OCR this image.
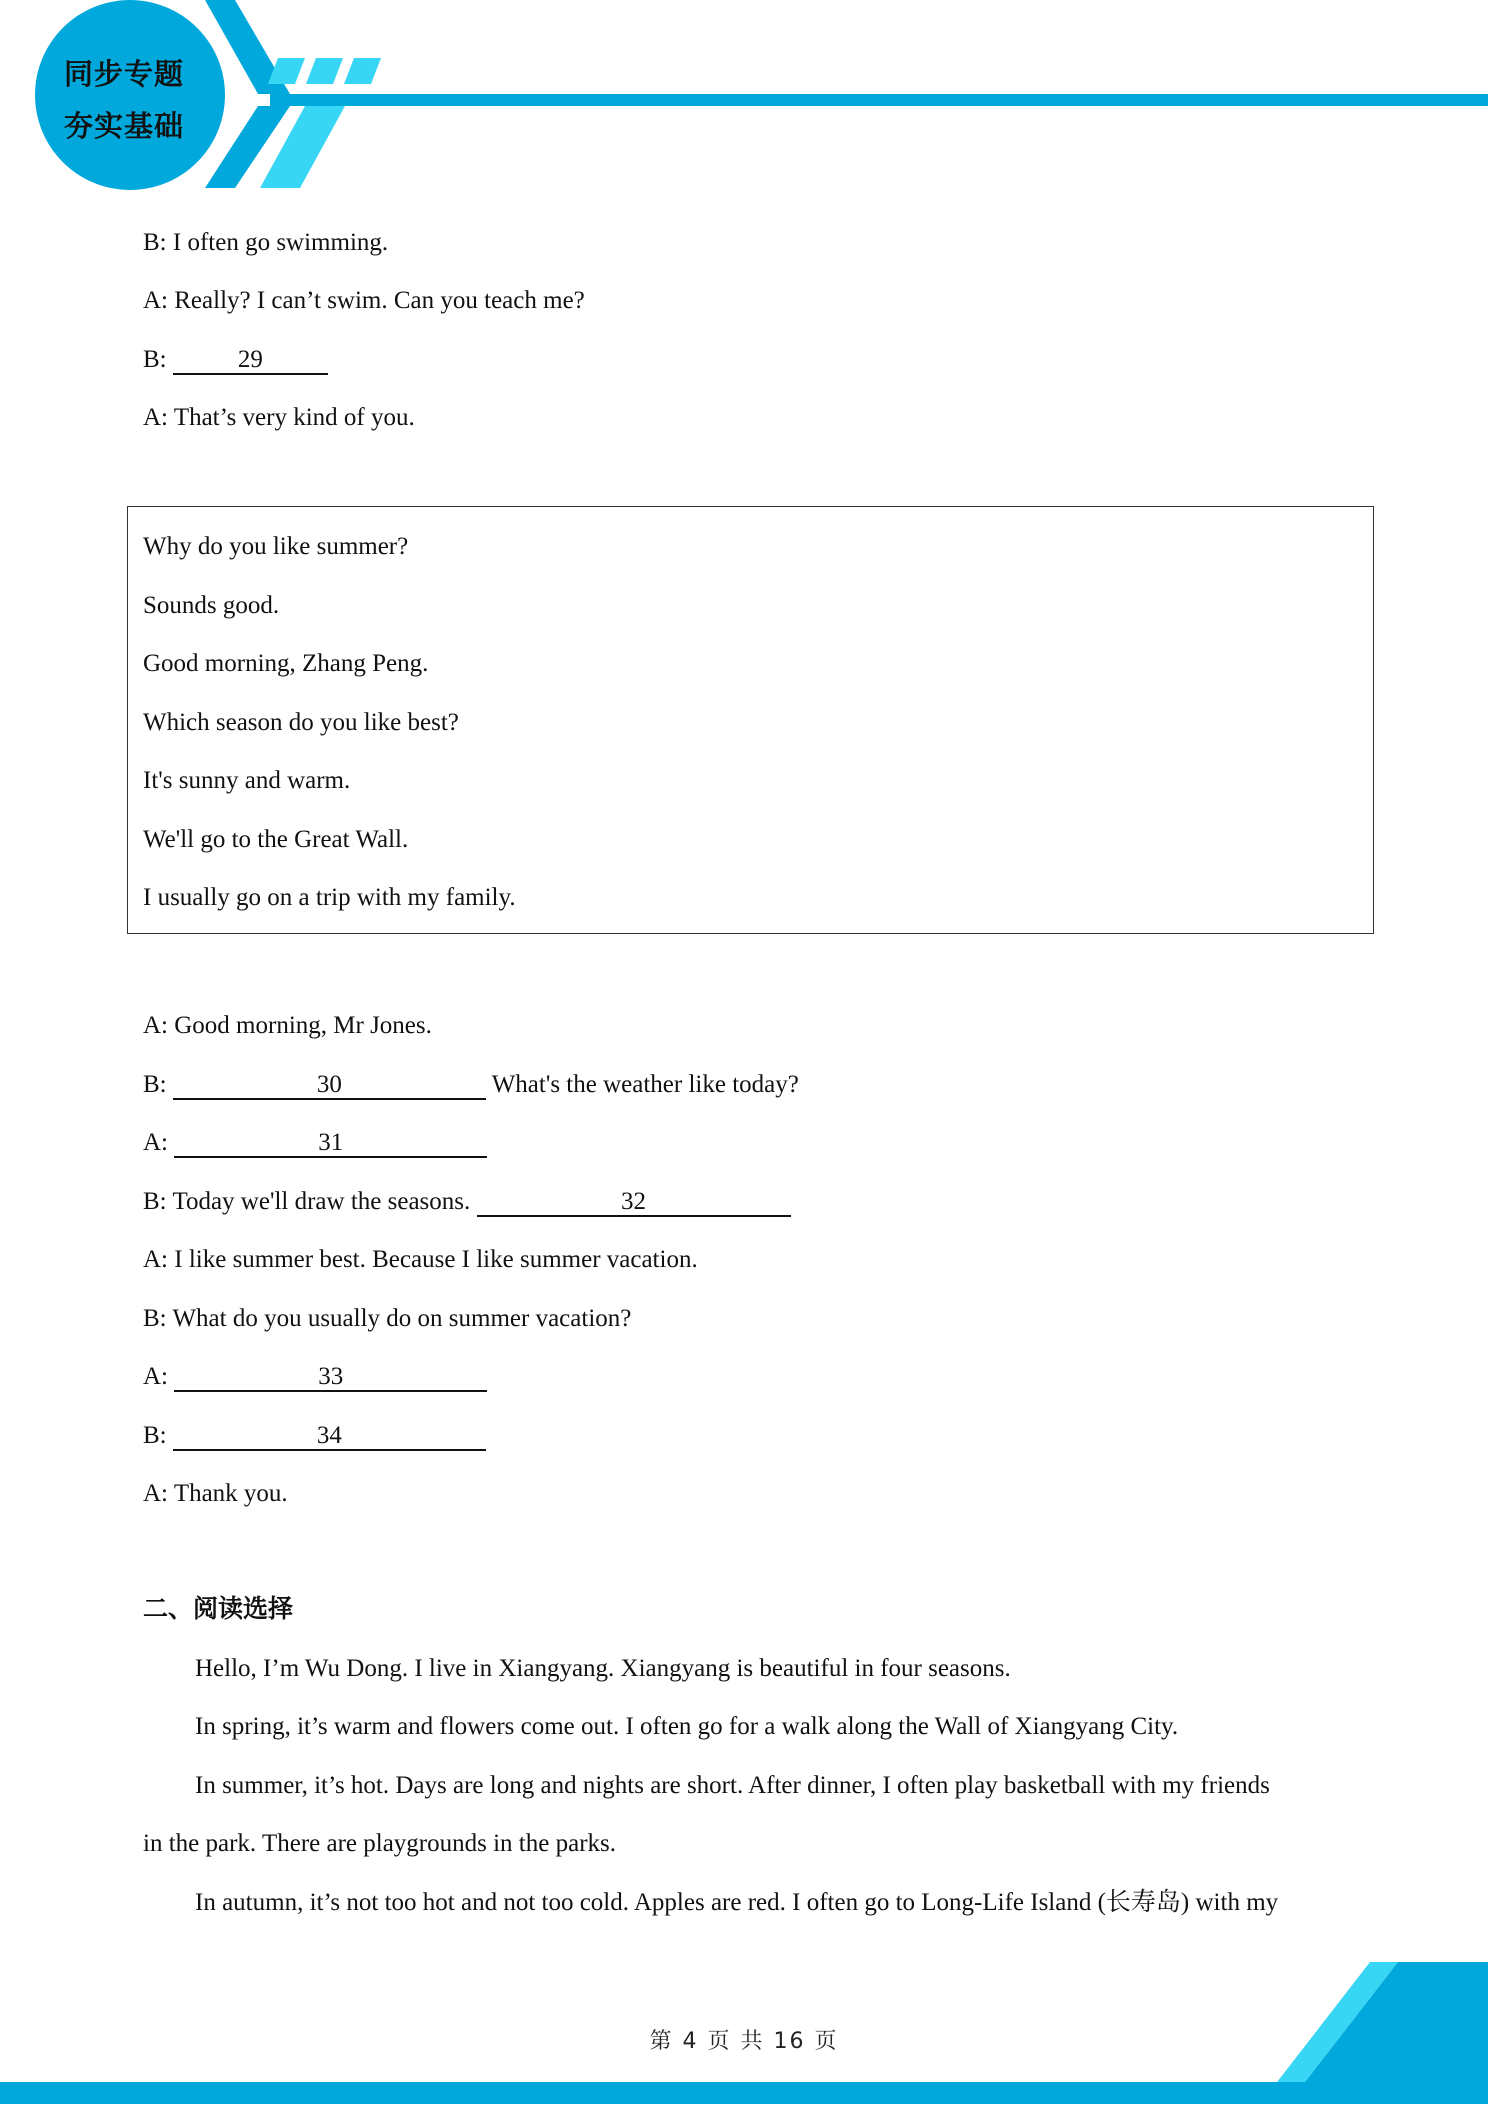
同步专题
夯实基础
B: I often go swimming.
A: Really? I can’t swim. Can you teach me?
B:	29
A: That’s very kind of you.
Why do you like summer?
Sounds good.
Good morning, Zhang Peng.
Which season do you like best?
It's sunny and warm.
We'll go to the Great Wall.
I usually go on a trip with my family.
A: Good morning, Mr Jones.
B:	30	What's the weather like today?
A:	31
B: Today we'll draw the seasons.	32
A: I like summer best. Because I like summer vacation.
B: What do you usually do on summer vacation?
A:	33
B:	34
A: Thank you.
二、阅读选择
Hello, I’m Wu Dong. I live in Xiangyang. Xiangyang is beautiful in four seasons.
In spring, it’s warm and flowers come out. I often go for a walk along the Wall of Xiangyang City.
In summer, it’s hot. Days are long and nights are short. After dinner, I often play basketball with my friends
in the park. There are playgrounds in the parks.
In autumn, it’s not too hot and not too cold. Apples are red. I often go to Long-Life Island (长寿岛) with my
第 4 页 共 16 页
